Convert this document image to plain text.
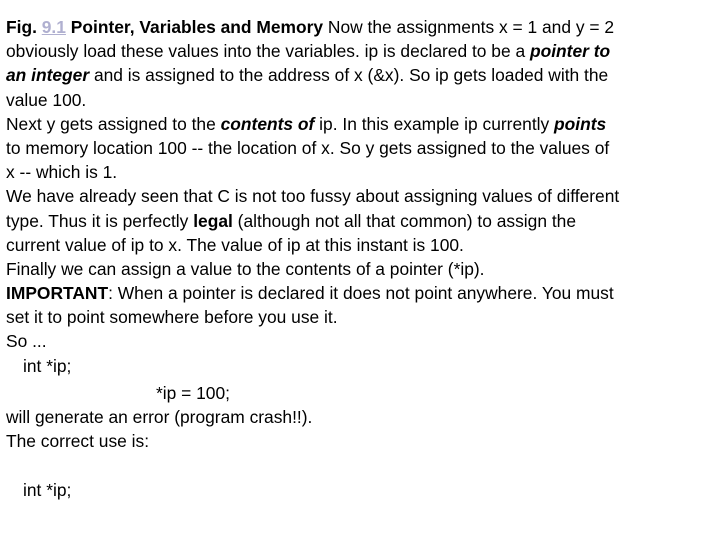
Fig. 9.1 Pointer, Variables and Memory Now the assignments x = 1 and y = 2
obviously load these values into the variables. ip is declared to be a pointer to
an integer and is assigned to the address of x (&x). So ip gets loaded with the
value 100.
Next y gets assigned to the contents of ip. In this example ip currently points
to memory location 100 -- the location of x. So y gets assigned to the values of
x -- which is 1.
We have already seen that C is not too fussy about assigning values of different
type. Thus it is perfectly legal (although not all that common) to assign the
current value of ip to x. The value of ip at this instant is 100.
Finally we can assign a value to the contents of a pointer (*ip).
IMPORTANT: When a pointer is declared it does not point anywhere. You must
set it to point somewhere before you use it.
So ...
int *ip;
*ip = 100;
will generate an error (program crash!!).
The correct use is:
int *ip;
